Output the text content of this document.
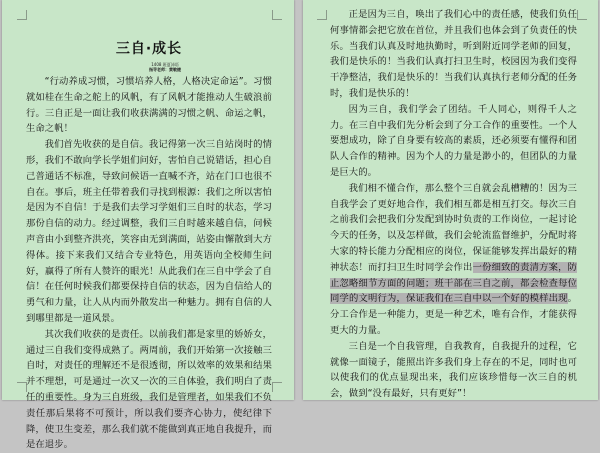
三自·成长
1408 班夏沛语
指导老师：黄敏捷

“行动养成习惯，习惯培养人格，人格决定命运”。习惯就如桂在生命之舵上的风帆，有了风帆才能推动人生破浪前行。三自正是一面让我们收获满满的习惯之帆、命运之帆，生命之帆！

我们首先收获的是自信。我记得第一次三自站岗时的情形，我们不敢向学长学姐们问好，害怕自己说错话，担心自己普通话不标准，导致问候语一直喊不齐，站在门口也很不自在。事后，班主任带着我们寻找到根源：我们之所以害怕是因为不自信！于是我们去学习学姐们三自时的状态，学习那份自信的动力。经过调整，我们三自时越来越自信，问候声音由小到整齐洪亮，笑容由无到满面，站姿由懈散到大方得体。接下来我们又结合专业特色，用英语向全校师生问好，赢得了所有人赞许的眼光！从此我们在三自中学会了自信！在任何时候我们都要保持自信的状态，因为自信给人的勇气和力量，让人从内而外散发出一种魅力。拥有自信的人到哪里都是一道风景。

其次我们收获的是责任。以前我们都是家里的娇娇女，通过三自我们变得成熟了。两周前，我们开始第一次接触三自时，对责任的理解还不是很透彻，所以效率的效果和结果并不理想，可是通过一次又一次的三自体验，我们明白了责任的重要性。身为三自班级，我们是管理者，如果我们不负责任那后果将不可预计，所以我们要齐心协力，使纪律下降，使卫生变差，那么我们就不能做到真正地自我提升，而是在退步。

正是因为三自，唤出了我们心中的责任感，使我们负任何事情都会把它放在首位，并且我们也体会到了负责任的快乐。当我们认真及时地执勤时，听到附近同学老师的回复，我们是快乐的！当我们认真打扫卫生时，校园因为我们变得干净整洁，我们是快乐的！当我们认真执行老师分配的任务时，我们是快乐的！

因为三自，我们学会了团结。千人同心，则得千人之力。在三自中我们先分析会到了分工合作的重要性。一个人要想成功，除了自身要有较高的素质，还必须要有懂得和团队人合作的精神。因为个人的力量是渺小的，但团队的力量是巨大的。

我们相不懂合作，那么整个三自就会乱槽糟的！因为三自我学会了更好地合作，我们相互都是相互打交。每次三自之前我们会把我们分发配到协时负责的工作岗位，一起讨论今天的任务，以及怎样做，我们会轮流监督维护，分配时将大家的特长能力分配相应的岗位，保证能够发挥出最好的精神状态！而打扫卫生时同学会作出一份细致的责清方案，防止忽略细节方面的问题；班干部在三自之前，都会检查每位同学的文明行为，保证我们在三自中以一个好的模样出现。分工合作是一种能力，更是一种艺术，唯有合作，才能获得更大的力量。

三自是一个自我管理，自我教育，自我提升的过程，它就像一面镜子，能照出许多我们身上存在的不足，同时也可以使我们的优点显现出来，我们应该珍惜每一次三自的机会，做到“没有最好，只有更好”！
